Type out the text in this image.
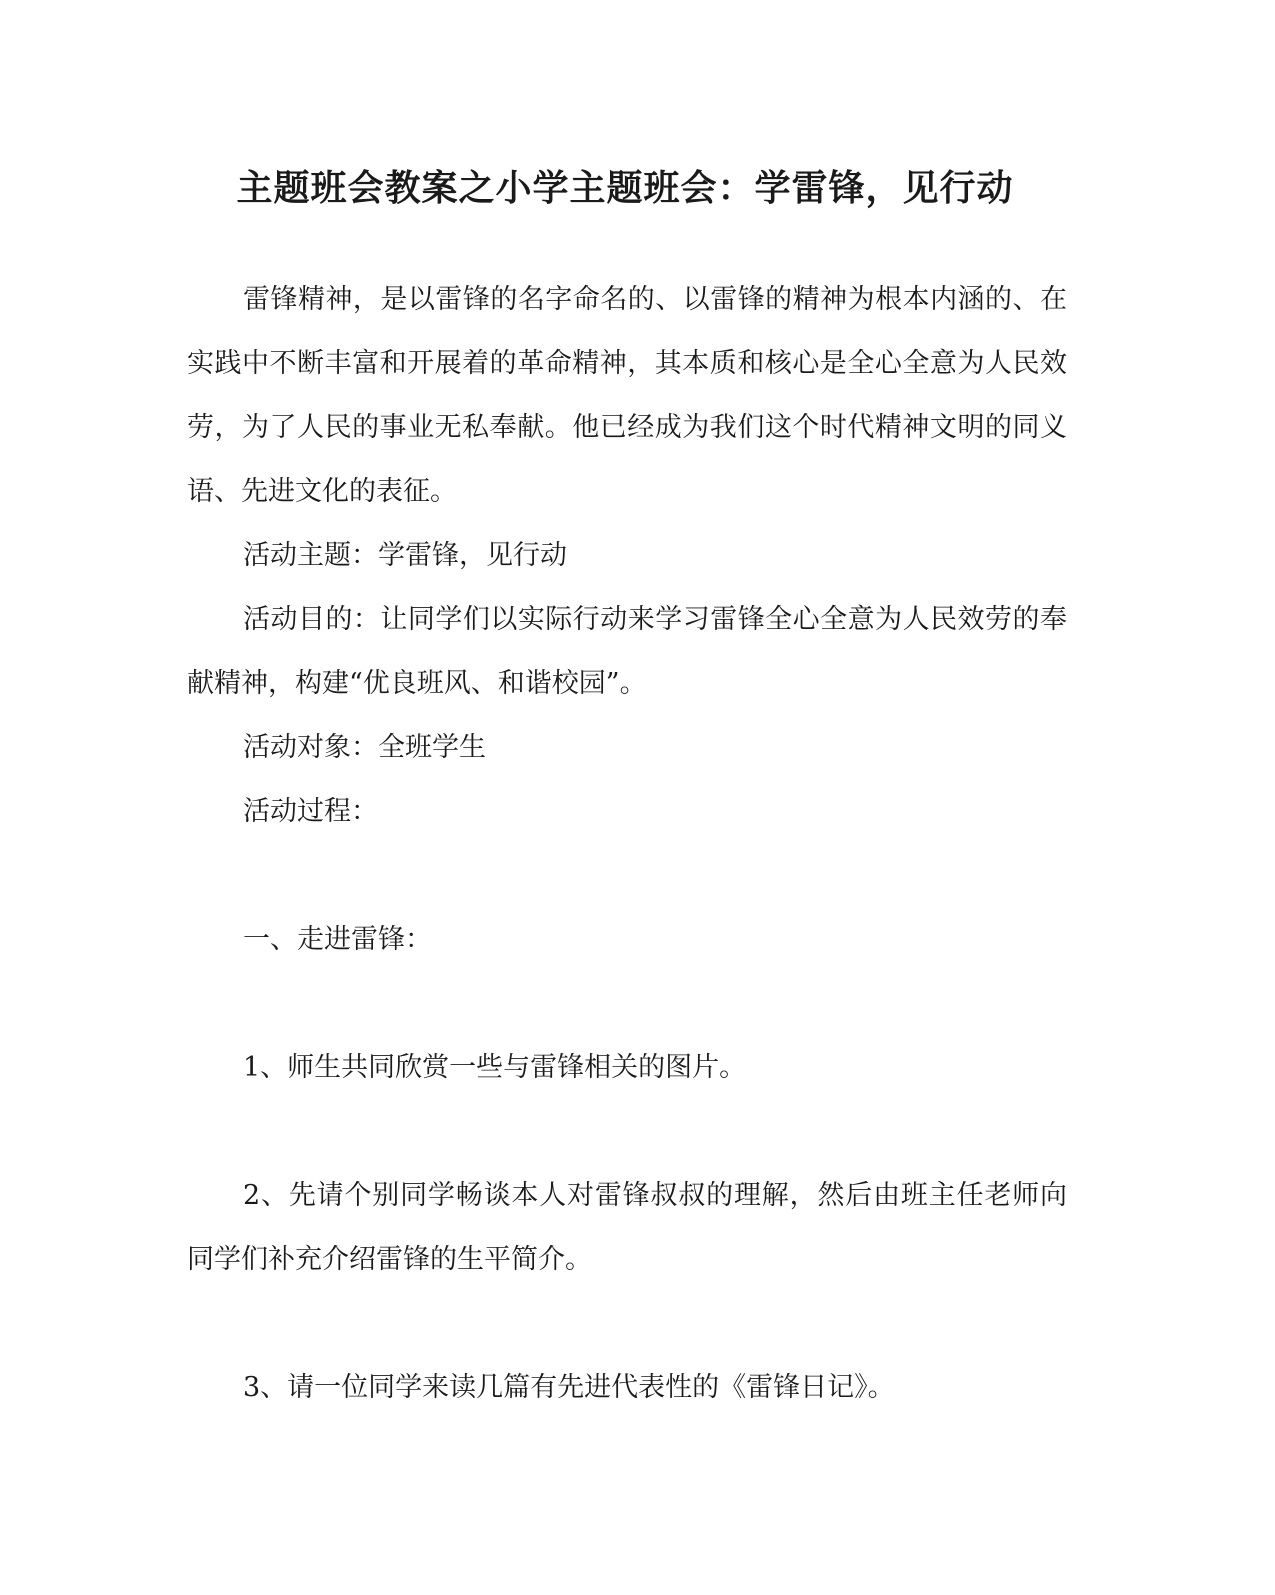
主题班会教案之小学主题班会：学雷锋，见行动

雷锋精神，是以雷锋的名字命名的、以雷锋的精神为根本内涵的、在实践中不断丰富和开展着的革命精神，其本质和核心是全心全意为人民效劳，为了人民的事业无私奉献。他已经成为我们这个时代精神文明的同义语、先进文化的表征。

活动主题：学雷锋，见行动

活动目的：让同学们以实际行动来学习雷锋全心全意为人民效劳的奉献精神，构建“优良班风、和谐校园”。

活动对象：全班学生

活动过程：

一、走进雷锋：

1、师生共同欣赏一些与雷锋相关的图片。

2、先请个别同学畅谈本人对雷锋叔叔的理解，然后由班主任老师向同学们补充介绍雷锋的生平简介。

3、请一位同学来读几篇有先进代表性的《雷锋日记》。
